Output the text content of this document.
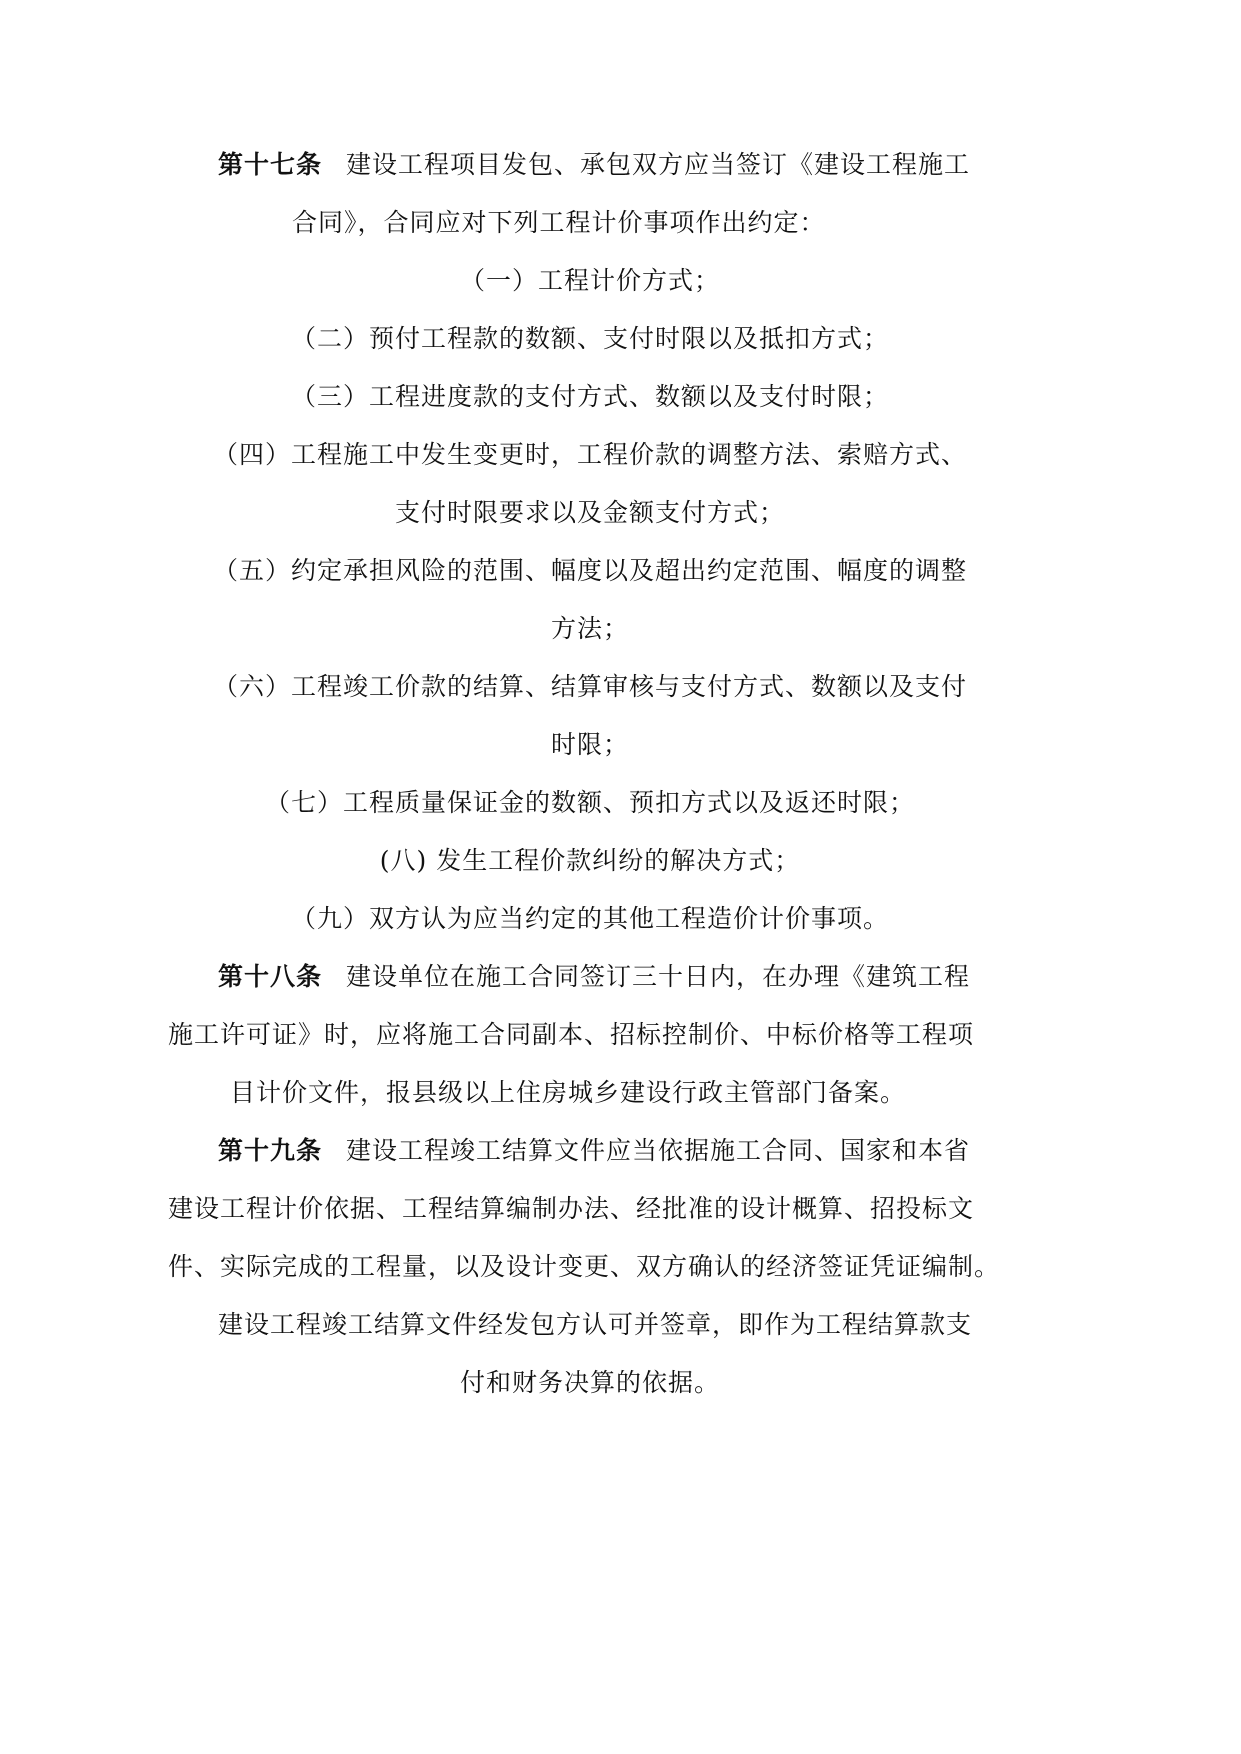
第十七条 建设工程项目发包、承包双方应当签订《建设工程施工
合同》，合同应对下列工程计价事项作出约定：
（一）工程计价方式；
（二）预付工程款的数额、支付时限以及抵扣方式；
（三）工程进度款的支付方式、数额以及支付时限；
（四）工程施工中发生变更时，工程价款的调整方法、索赔方式、
支付时限要求以及金额支付方式；
（五）约定承担风险的范围、幅度以及超出约定范围、幅度的调整
方法；
（六）工程竣工价款的结算、结算审核与支付方式、数额以及支付
时限；
（七）工程质量保证金的数额、预扣方式以及返还时限；
(八) 发生工程价款纠纷的解决方式；
（九）双方认为应当约定的其他工程造价计价事项。
第十八条 建设单位在施工合同签订三十日内，在办理《建筑工程
施工许可证》时，应将施工合同副本、招标控制价、中标价格等工程项
目计价文件，报县级以上住房城乡建设行政主管部门备案。
第十九条 建设工程竣工结算文件应当依据施工合同、国家和本省
建设工程计价依据、工程结算编制办法、经批准的设计概算、招投标文
件、实际完成的工程量，以及设计变更、双方确认的经济签证凭证编制。
建设工程竣工结算文件经发包方认可并签章，即作为工程结算款支
付和财务决算的依据。
